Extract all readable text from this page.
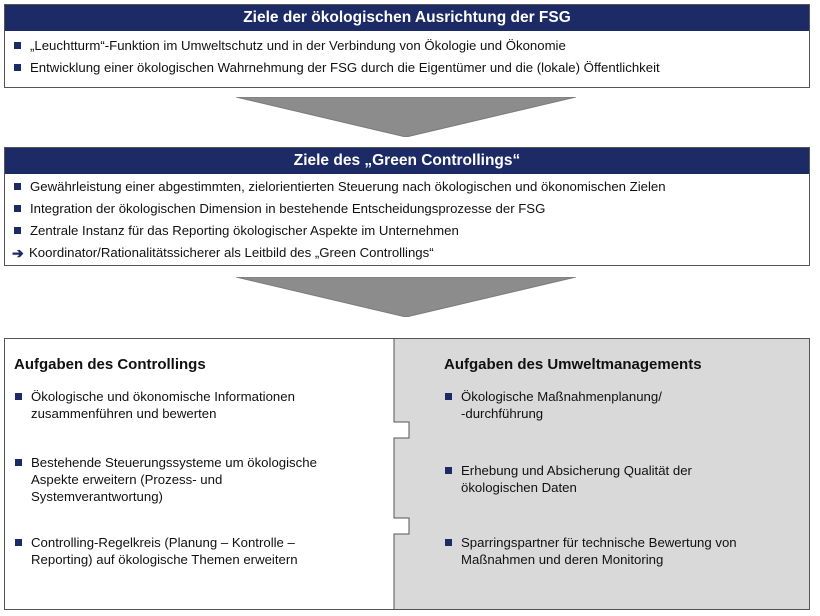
Ziele der ökologischen Ausrichtung der FSG
„Leuchtturm“-Funktion im Umweltschutz und in der Verbindung von Ökologie und Ökonomie
Entwicklung einer ökologischen Wahrnehmung der FSG durch die Eigentümer und die (lokale) Öffentlichkeit
Ziele des „Green Controllings“
Gewährleistung einer abgestimmten, zielorientierten Steuerung nach ökologischen und ökonomischen Zielen
Integration der ökologischen Dimension in bestehende Entscheidungsprozesse der FSG
Zentrale Instanz für das Reporting ökologischer Aspekte im Unternehmen
➔ Koordinator/Rationalitätssicherer als Leitbild des „Green Controllings“
Aufgaben des Controllings
Ökologische und ökonomische Informationen
zusammenführen und bewerten
Bestehende Steuerungssysteme um ökologische
Aspekte erweitern (Prozess- und
Systemverantwortung)
Controlling-Regelkreis (Planung – Kontrolle –
Reporting) auf ökologische Themen erweitern
Aufgaben des Umweltmanagements
Ökologische Maßnahmenplanung/
-durchführung
Erhebung und Absicherung Qualität der
ökologischen Daten
Sparringspartner für technische Bewertung von
Maßnahmen und deren Monitoring
